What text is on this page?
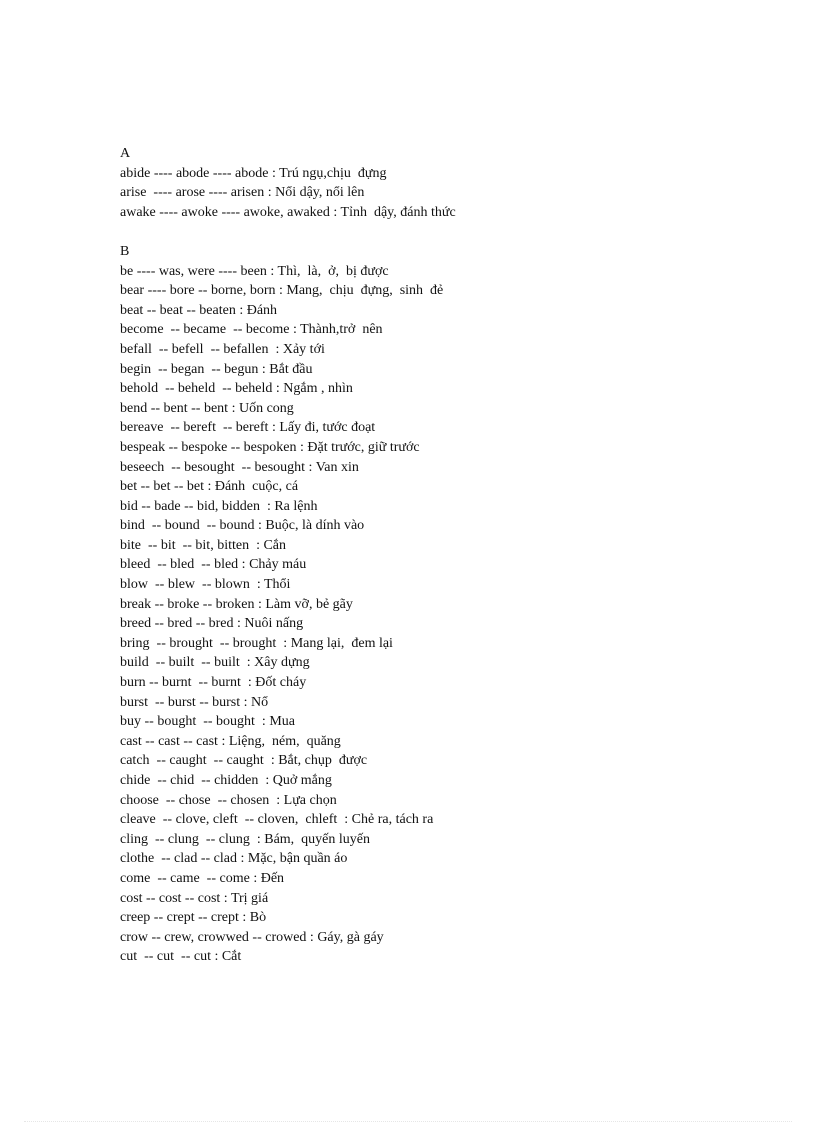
A
abide ---- abode ---- abode : Trú ngụ,chịu  đựng
arise  ---- arose ---- arisen : Nổi dậy, nổi lên
awake ---- awoke ---- awoke, awaked : Tỉnh  dậy, đánh thức
B
be ---- was, were ---- been : Thì,  là,  ở,  bị được
bear ---- bore -- borne, born : Mang,  chịu  đựng,  sinh  đẻ
beat -- beat -- beaten : Đánh
become  -- became  -- become : Thành,trở  nên
befall  -- befell  -- befallen  : Xảy tới
begin  -- began  -- begun : Bắt đầu
behold  -- beheld  -- beheld : Ngắm , nhìn
bend -- bent -- bent : Uốn cong
bereave  -- bereft  -- bereft : Lấy đi, tước đoạt
bespeak -- bespoke -- bespoken : Đặt trước, giữ trước
beseech  -- besought  -- besought : Van xin
bet -- bet -- bet : Đánh  cuộc, cá
bid -- bade -- bid, bidden  : Ra lệnh
bind  -- bound  -- bound : Buộc, là dính vào
bite  -- bit  -- bit, bitten  : Cắn
bleed  -- bled  -- bled : Chảy máu
blow  -- blew  -- blown  : Thổi
break -- broke -- broken : Làm vỡ, bẻ gãy
breed -- bred -- bred : Nuôi nấng
bring  -- brought  -- brought  : Mang lại,  đem lại
build  -- built  -- built  : Xây dựng
burn -- burnt  -- burnt  : Đốt cháy
burst  -- burst -- burst : Nổ
buy -- bought  -- bought  : Mua
cast -- cast -- cast : Liệng,  ném,  quăng
catch  -- caught  -- caught  : Bắt, chụp  được
chide  -- chid  -- chidden  : Quở mắng
choose  -- chose  -- chosen  : Lựa chọn
cleave  -- clove, cleft  -- cloven,  chleft  : Chẻ ra, tách ra
cling  -- clung  -- clung  : Bám,  quyến luyến
clothe  -- clad -- clad : Mặc, bận quần áo
come  -- came  -- come : Đến
cost -- cost -- cost : Trị giá
creep -- crept -- crept : Bò
crow -- crew, crowwed -- crowed : Gáy, gà gáy
cut  -- cut  -- cut : Cắt
